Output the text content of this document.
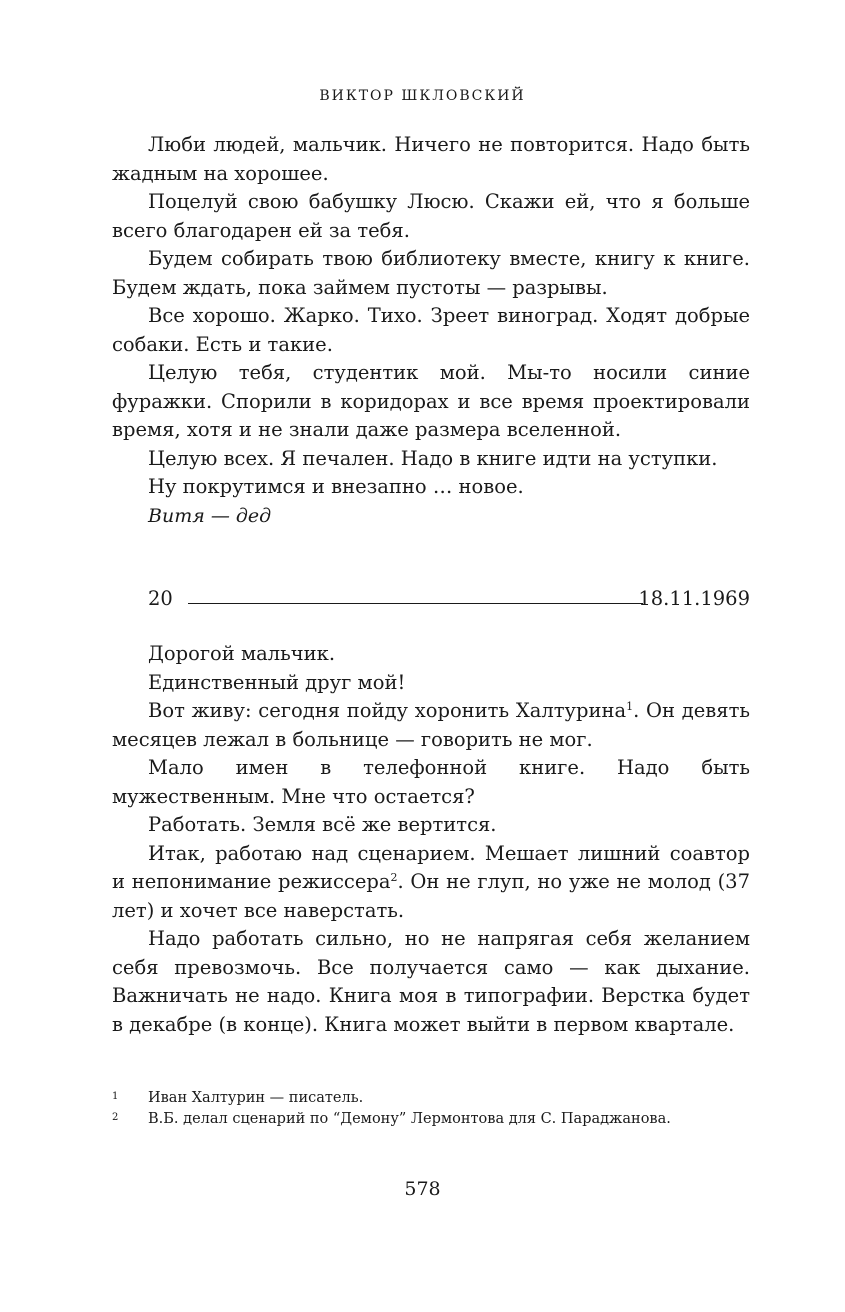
ВИКТОР ШКЛОВСКИЙ

Люби людей, мальчик. Ничего не повторится. Надо быть жадным на хорошее.

Поцелуй свою бабушку Люсю. Скажи ей, что я больше всего благодарен ей за тебя.

Будем собирать твою библиотеку вместе, книгу к книге. Будем ждать, пока займем пустоты — разрывы.

Все хорошо. Жарко. Тихо. Зреет виноград. Ходят добрые собаки. Есть и такие.

Целую тебя, студентик мой. Мы-то носили синие фуражки. Спорили в коридорах и все время проектировали время, хотя и не знали даже размера вселенной.

Целую всех. Я печален. Надо в книге идти на уступки.

Ну покрутимся и внезапно … новое.

Витя — дед

20	18.11.1969

Дорогой мальчик.

Единственный друг мой!

Вот живу: сегодня пойду хоронить Халтурина$^1$. Он девять месяцев лежал в больнице — говорить не мог.

Мало имен в телефонной книге. Надо быть мужественным. Мне что остается?

Работать. Земля всё же вертится.

Итак, работаю над сценарием. Мешает лишний соавтор и непонимание режиссера$^2$. Он не глуп, но уже не молод (37 лет) и хочет все наверстать.

Надо работать сильно, но не напрягая себя желанием себя превозмочь. Все получается само — как дыхание. Важничать не надо. Книга моя в типографии. Верстка будет в декабре (в конце). Книга может выйти в первом квартале.

1 Иван Халтурин — писатель.
2 В.Б. делал сценарий по “Демону” Лермонтова для С. Параджанова.
578
